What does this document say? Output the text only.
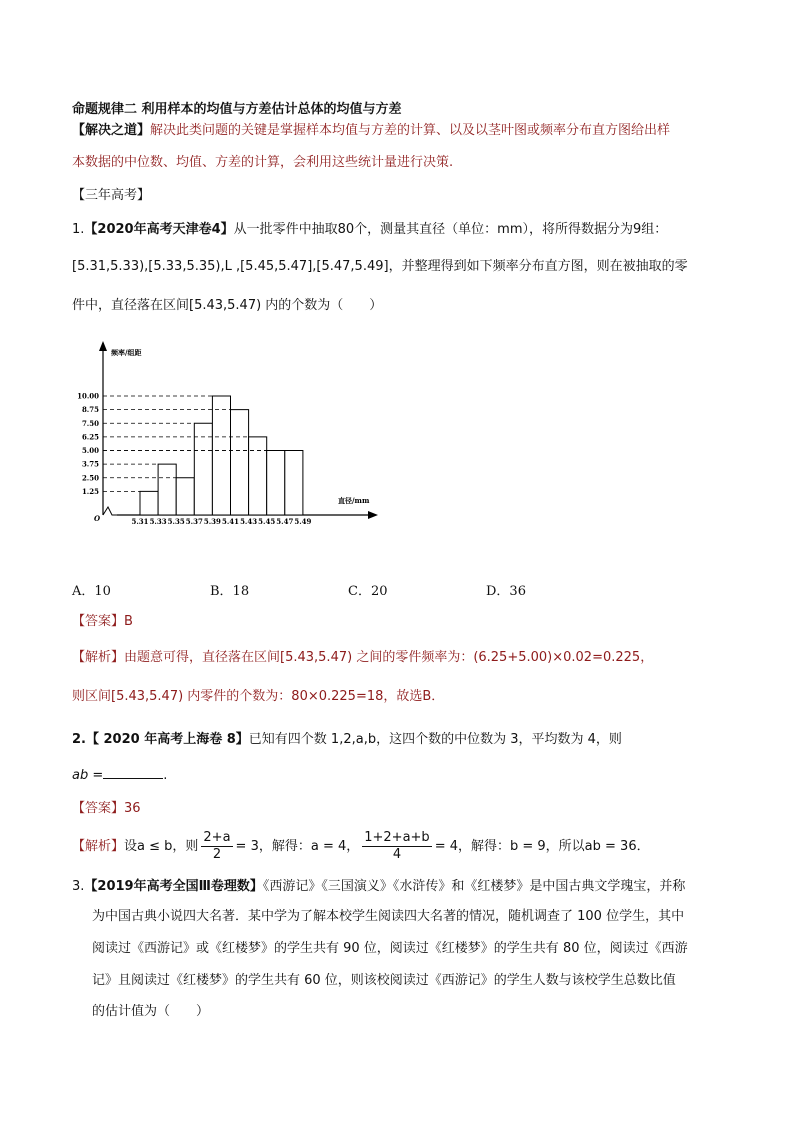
命题规律二 利用样本的均值与方差估计总体的均值与方差
【解决之道】解决此类问题的关键是掌握样本均值与方差的计算、以及以茎叶图或频率分布直方图给出样
本数据的中位数、均值、方差的计算，会利用这些统计量进行决策.
【三年高考】
1.【2020年高考天津卷4】从一批零件中抽取80个，测量其直径（单位：mm），将所得数据分为9组：
[5.31,5.33),[5.33,5.35),L ,[5.45,5.47],[5.47,5.49]，并整理得到如下频率分布直方图，则在被抽取的零
件中，直径落在区间[5.43,5.47) 内的个数为（　　）
频率/组距
直径/mm
O
1.25
2.50
3.75
5.00
6.25
7.50
8.75
10.00
5.31 5.33 5.35 5.37 5.39 5.41 5.43 5.45 5.47 5.49
A．10	B．18	C．20	D．36
【答案】B
【解析】由题意可得，直径落在区间[5.43,5.47) 之间的零件频率为：(6.25+5.00)×0.02=0.225，
则区间[5.43,5.47) 内零件的个数为：80×0.225=18，故选B．
2.【 2020 年高考上海卷 8】已知有四个数 1,2,a,b，这四个数的中位数为 3，平均数为 4，则
ab =	.
【答案】36
【解析】设a ≤ b，则 $\frac{2+a}{2} = 3$，解得：a = 4， $\frac{1+2+a+b}{4} = 4$，解得：b = 9，所以ab = 36．
3.【2019年高考全国Ⅲ卷理数】《西游记》《三国演义》《水浒传》和《红楼梦》是中国古典文学瑰宝，并称
为中国古典小说四大名著．某中学为了解本校学生阅读四大名著的情况，随机调查了 100 位学生，其中
阅读过《西游记》或《红楼梦》的学生共有 90 位，阅读过《红楼梦》的学生共有 80 位，阅读过《西游
记》且阅读过《红楼梦》的学生共有 60 位，则该校阅读过《西游记》的学生人数与该校学生总数比值
的估计值为（　　）
